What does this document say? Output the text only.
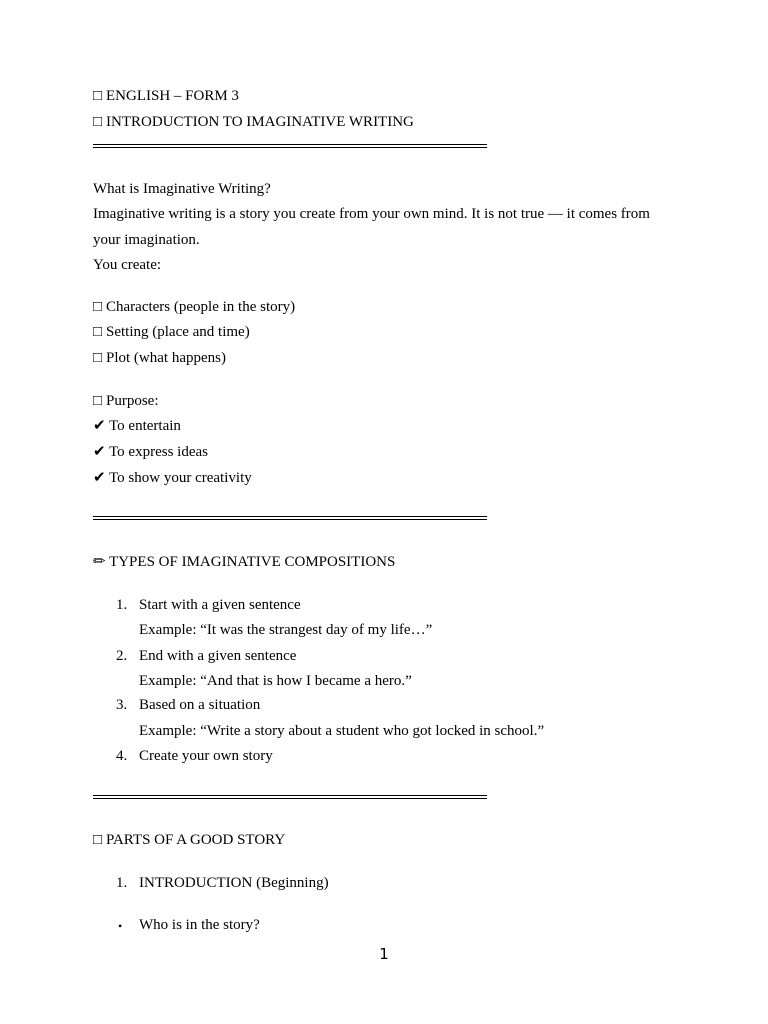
□ ENGLISH – FORM 3
□ INTRODUCTION TO IMAGINATIVE WRITING
What is Imaginative Writing?
Imaginative writing is a story you create from your own mind. It is not true — it comes from
your imagination.
You create:
□ Characters (people in the story)
□ Setting (place and time)
□ Plot (what happens)
□ Purpose:
✔ To entertain
✔ To express ideas
✔ To show your creativity
✏ TYPES OF IMAGINATIVE COMPOSITIONS
1. Start with a given sentence
Example: “It was the strangest day of my life…”
2. End with a given sentence
Example: “And that is how I became a hero.”
3. Based on a situation
Example: “Write a story about a student who got locked in school.”
4. Create your own story
□ PARTS OF A GOOD STORY
1. INTRODUCTION (Beginning)
• Who is in the story?
1
